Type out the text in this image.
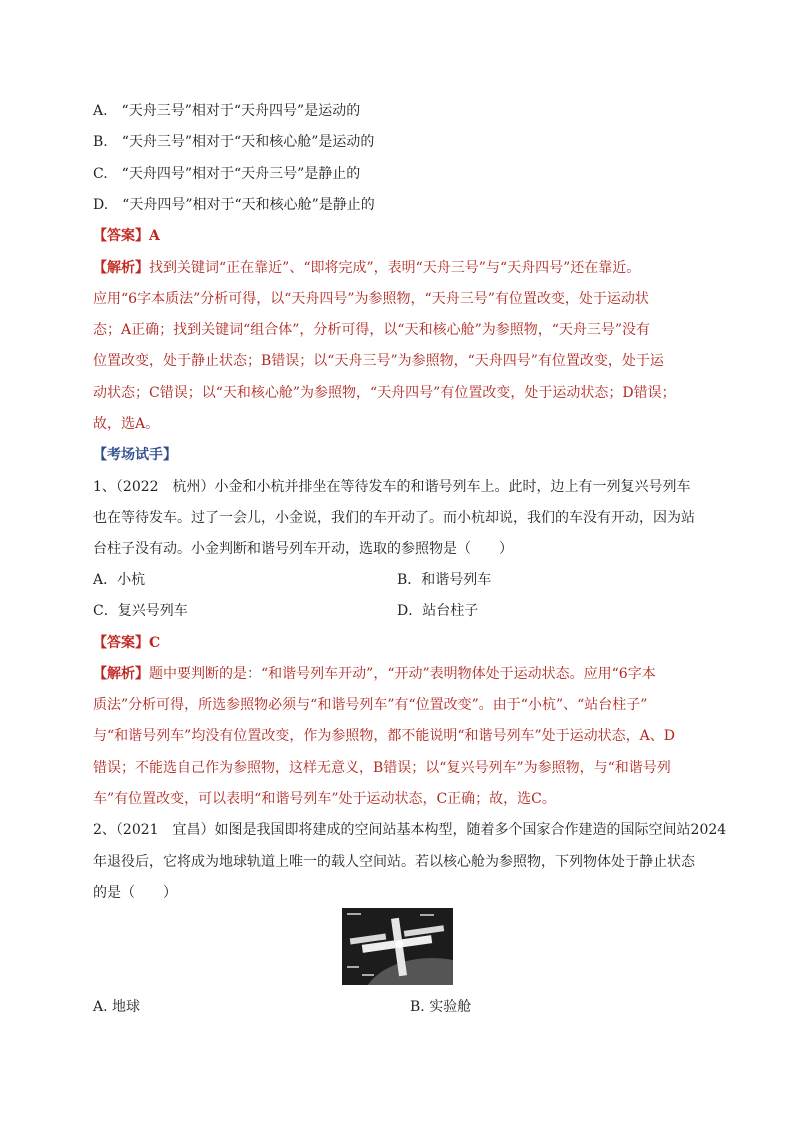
A.　“天舟三号”相对于“天舟四号”是运动的
B.　“天舟三号”相对于“天和核心舱”是运动的
C.　“天舟四号”相对于“天舟三号”是静止的
D.　“天舟四号”相对于“天和核心舱”是静止的
【答案】A
【解析】找到关键词“正在靠近”、“即将完成”，表明“天舟三号”与“天舟四号”还在靠近。
应用“6字本质法”分析可得，以“天舟四号”为参照物，“天舟三号”有位置改变，处于运动状
态；A正确；找到关键词“组合体”，分析可得，以“天和核心舱”为参照物，“天舟三号”没有
位置改变，处于静止状态；B错误；以“天舟三号”为参照物，“天舟四号”有位置改变，处于运
动状态；C错误；以“天和核心舱”为参照物，“天舟四号”有位置改变，处于运动状态；D错误；
故，选A。
【考场试手】
1、（2022　杭州）小金和小杭并排坐在等待发车的和谐号列车上。此时，边上有一列复兴号列车
也在等待发车。过了一会儿，小金说，我们的车开动了。而小杭却说，我们的车没有开动，因为站
台柱子没有动。小金判断和谐号列车开动，选取的参照物是（　　）
A．小杭	B．和谐号列车
C．复兴号列车	D．站台柱子
【答案】C
【解析】题中要判断的是：“和谐号列车开动”，“开动”表明物体处于运动状态。应用“6字本
质法”分析可得，所选参照物必须与“和谐号列车”有“位置改变”。由于“小杭”、“站台柱子”
与“和谐号列车”均没有位置改变，作为参照物，都不能说明“和谐号列车”处于运动状态，A、D
错误；不能选自己作为参照物，这样无意义，B错误；以“复兴号列车”为参照物，与“和谐号列
车”有位置改变，可以表明“和谐号列车”处于运动状态，C正确；故，选C。
2、（2021　宜昌）如图是我国即将建成的空间站基本构型，随着多个国家合作建造的国际空间站2024
年退役后，它将成为地球轨道上唯一的载人空间站。若以核心舱为参照物，下列物体处于静止状态
的是（　　）
A. 地球	B. 实验舱
